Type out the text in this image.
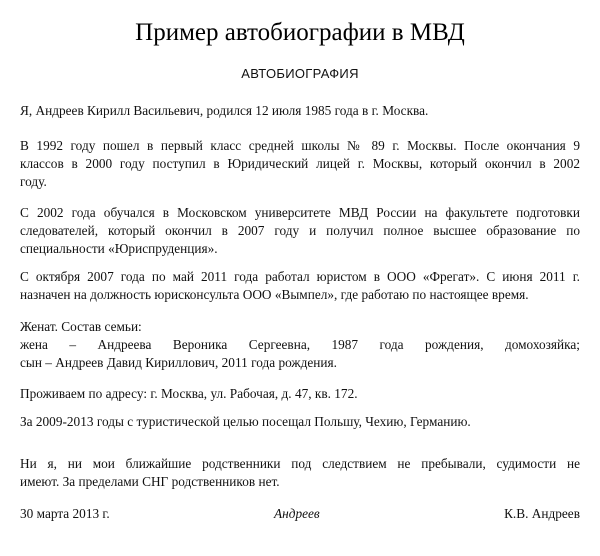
Пример автобиографии в МВД
АВТОБИОГРАФИЯ
Я, Андреев Кирилл Васильевич, родился 12 июля 1985 года в г. Москва.
В 1992 году пошел в первый класс средней школы № 89 г. Москвы. После окончания 9
классов в 2000 году поступил в Юридический лицей г. Москвы, который окончил в 2002
году.
С 2002 года обучался в Московском университете МВД России на факультете подготовки
следователей, который окончил в 2007 году и получил полное высшее образование по
специальности «Юриспруденция».
С октября 2007 года по май 2011 года работал юристом в ООО «Фрегат». С июня 2011 г.
назначен на должность юрисконсульта ООО «Вымпел», где работаю по настоящее время.
Женат. Состав семьи:
жена – Андреева Вероника Сергеевна, 1987 года рождения, домохозяйка;
сын – Андреев Давид Кириллович, 2011 года рождения.
Проживаем по адресу: г. Москва, ул. Рабочая, д. 47, кв. 172.
За 2009-2013 годы с туристической целью посещал Польшу, Чехию, Германию.
Ни я, ни мои ближайшие родственники под следствием не пребывали, судимости не
имеют. За пределами СНГ родственников нет.
30 марта 2013 г.	Андреев	К.В. Андреев
